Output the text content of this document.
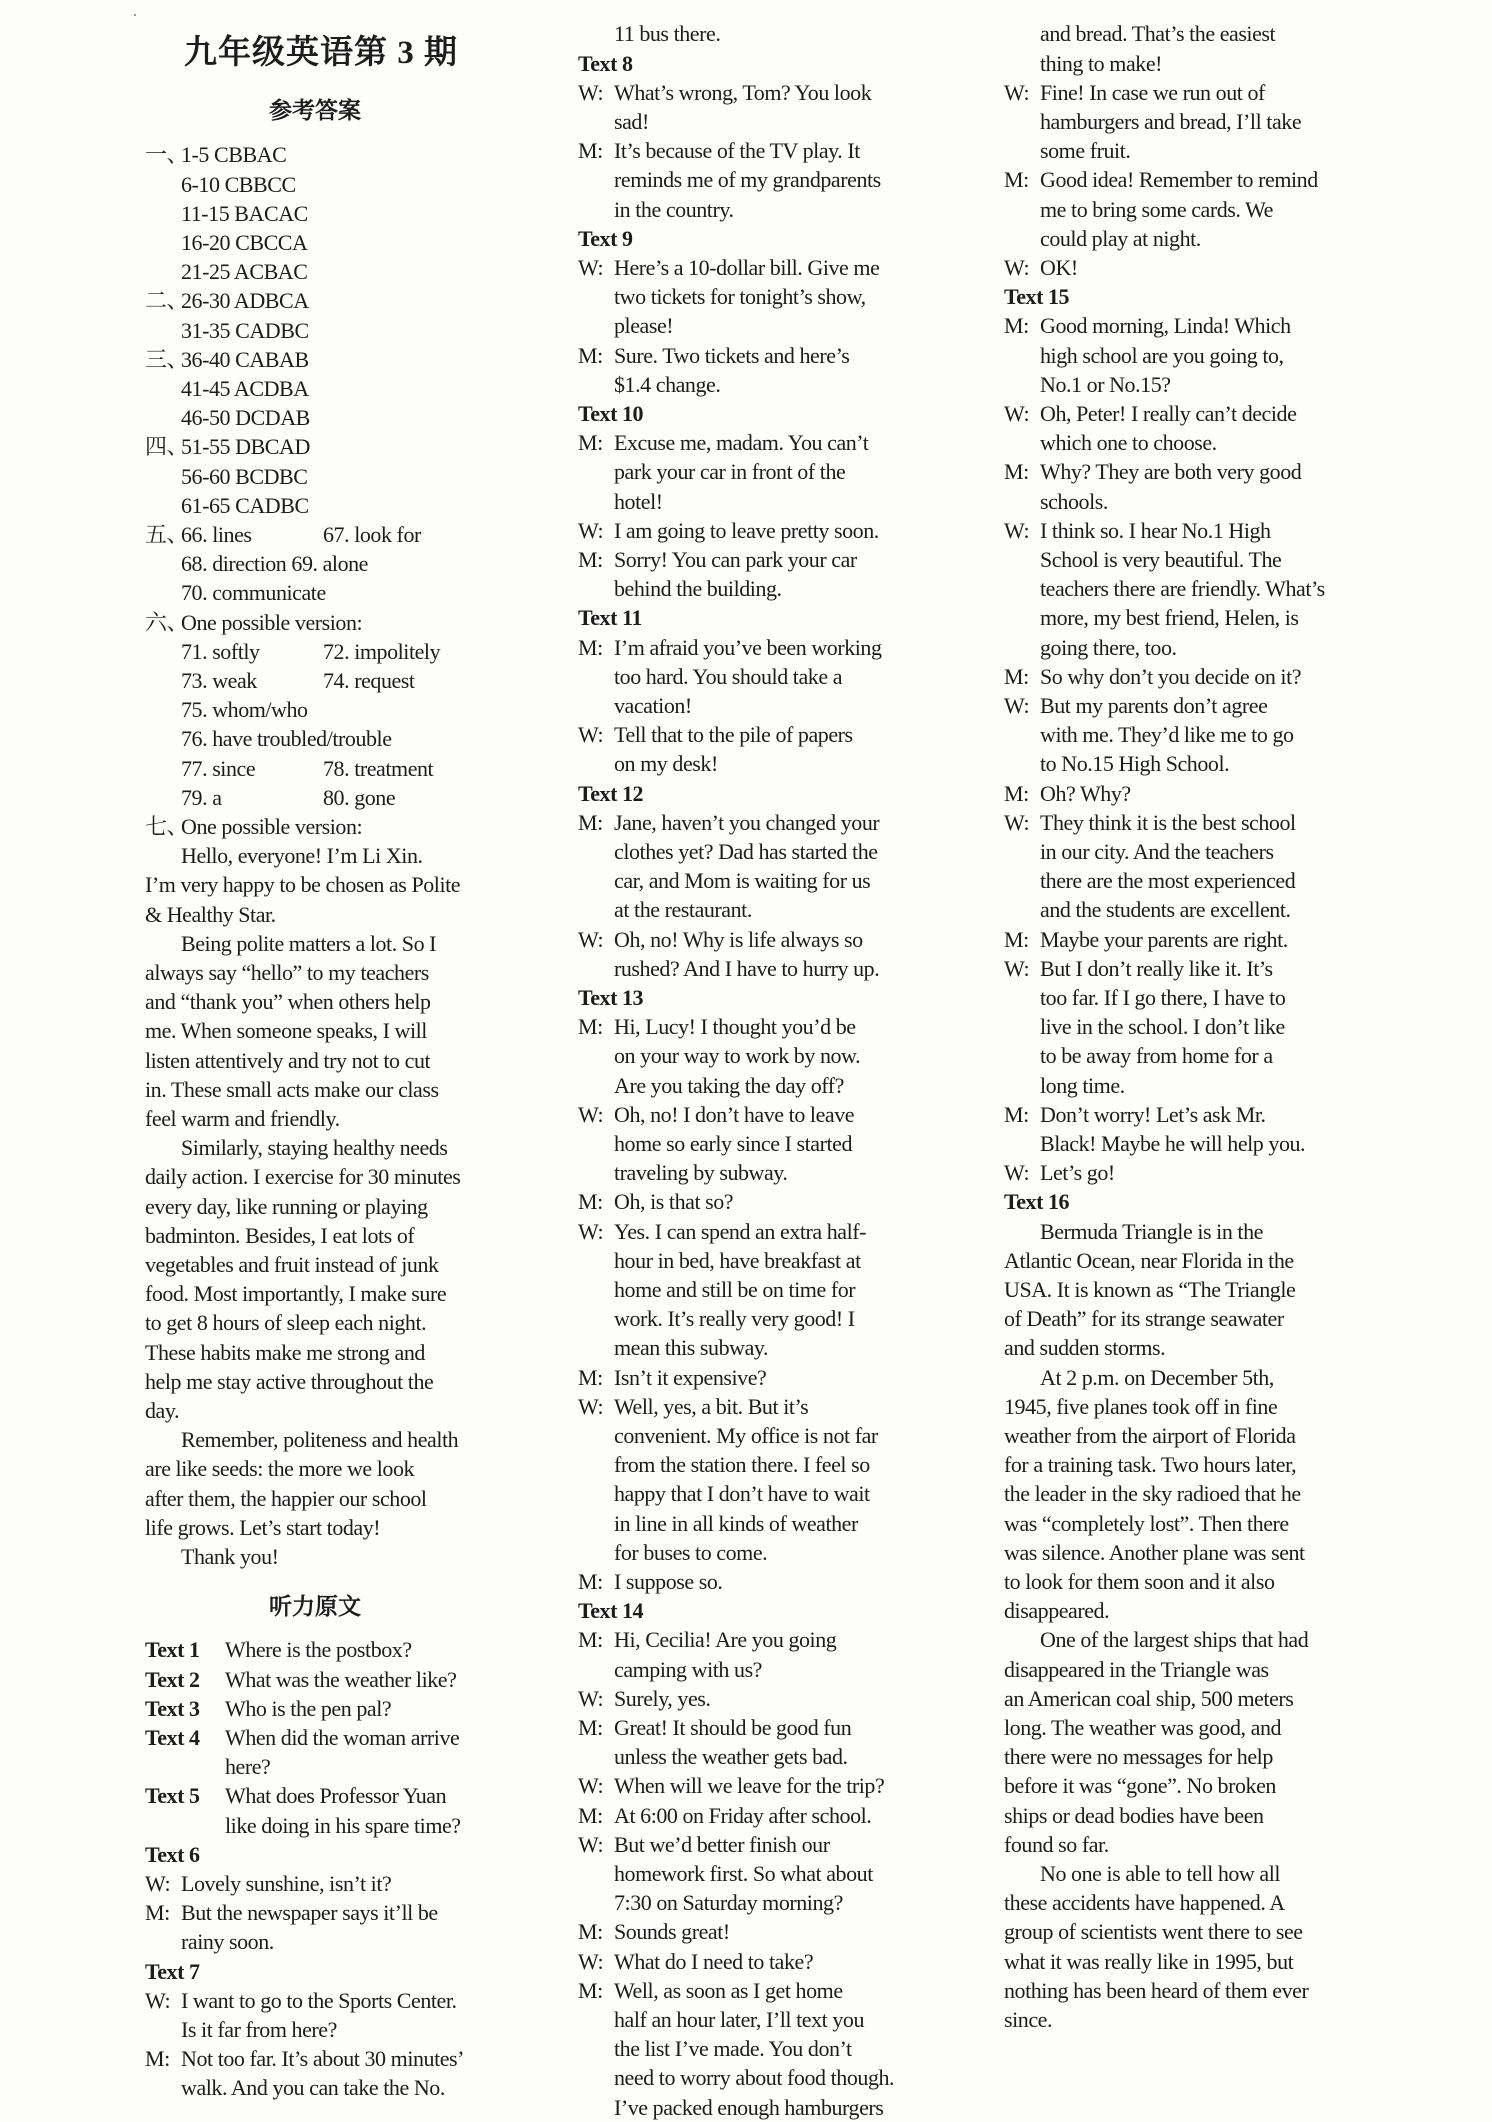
九年级英语第 3 期
参考答案
听力原文
一、1-5 CBBAC
6-10 CBBCC
11-15 BACAC
16-20 CBCCA
21-25 ACBAC
二、26-30 ADBCA
31-35 CADBC
三、36-40 CABAB
41-45 ACDBA
46-50 DCDAB
四、51-55 DBCAD
56-60 BCDBC
61-65 CADBC
五、66. lines	67. look for
68. direction 69. alone
70. communicate
六、One possible version:
71. softly	72. impolitely
73. weak	74. request
75. whom/who
76. have troubled/trouble
77. since	78. treatment
79. a	80. gone
七、One possible version:
Hello, everyone! I’m Li Xin.
I’m very happy to be chosen as Polite
& Healthy Star.
Being polite matters a lot. So I
always say “hello” to my teachers
and “thank you” when others help
me. When someone speaks, I will
listen attentively and try not to cut
in. These small acts make our class
feel warm and friendly.
Similarly, staying healthy needs
daily action. I exercise for 30 minutes
every day, like running or playing
badminton. Besides, I eat lots of
vegetables and fruit instead of junk
food. Most importantly, I make sure
to get 8 hours of sleep each night.
These habits make me strong and
help me stay active throughout the
day.
Remember, politeness and health
are like seeds: the more we look
after them, the happier our school
life grows. Let’s start today!
Thank you!
Text 1 Where is the postbox?
Text 2 What was the weather like?
Text 3 Who is the pen pal?
Text 4 When did the woman arrive
here?
Text 5 What does Professor Yuan
like doing in his spare time?
Text 6
W: Lovely sunshine, isn’t it?
M: But the newspaper says it’ll be
rainy soon.
Text 7
W: I want to go to the Sports Center.
Is it far from here?
M: Not too far. It’s about 30 minutes’
walk. And you can take the No.
11 bus there.
Text 8
W: What’s wrong, Tom? You look
sad!
M: It’s because of the TV play. It
reminds me of my grandparents
in the country.
Text 9
W: Here’s a 10-dollar bill. Give me
two tickets for tonight’s show,
please!
M: Sure. Two tickets and here’s
$1.4 change.
Text 10
M: Excuse me, madam. You can’t
park your car in front of the
hotel!
W: I am going to leave pretty soon.
M: Sorry! You can park your car
behind the building.
Text 11
M: I’m afraid you’ve been working
too hard. You should take a
vacation!
W: Tell that to the pile of papers
on my desk!
Text 12
M: Jane, haven’t you changed your
clothes yet? Dad has started the
car, and Mom is waiting for us
at the restaurant.
W: Oh, no! Why is life always so
rushed? And I have to hurry up.
Text 13
M: Hi, Lucy! I thought you’d be
on your way to work by now.
Are you taking the day off?
W: Oh, no! I don’t have to leave
home so early since I started
traveling by subway.
M: Oh, is that so?
W: Yes. I can spend an extra half-
hour in bed, have breakfast at
home and still be on time for
work. It’s really very good! I
mean this subway.
M: Isn’t it expensive?
W: Well, yes, a bit. But it’s
convenient. My office is not far
from the station there. I feel so
happy that I don’t have to wait
in line in all kinds of weather
for buses to come.
M: I suppose so.
Text 14
M: Hi, Cecilia! Are you going
camping with us?
W: Surely, yes.
M: Great! It should be good fun
unless the weather gets bad.
W: When will we leave for the trip?
M: At 6:00 on Friday after school.
W: But we’d better finish our
homework first. So what about
7:30 on Saturday morning?
M: Sounds great!
W: What do I need to take?
M: Well, as soon as I get home
half an hour later, I’ll text you
the list I’ve made. You don’t
need to worry about food though.
I’ve packed enough hamburgers
and bread. That’s the easiest
thing to make!
W: Fine! In case we run out of
hamburgers and bread, I’ll take
some fruit.
M: Good idea! Remember to remind
me to bring some cards. We
could play at night.
W: OK!
Text 15
M: Good morning, Linda! Which
high school are you going to,
No.1 or No.15?
W: Oh, Peter! I really can’t decide
which one to choose.
M: Why? They are both very good
schools.
W: I think so. I hear No.1 High
School is very beautiful. The
teachers there are friendly. What’s
more, my best friend, Helen, is
going there, too.
M: So why don’t you decide on it?
W: But my parents don’t agree
with me. They’d like me to go
to No.15 High School.
M: Oh? Why?
W: They think it is the best school
in our city. And the teachers
there are the most experienced
and the students are excellent.
M: Maybe your parents are right.
W: But I don’t really like it. It’s
too far. If I go there, I have to
live in the school. I don’t like
to be away from home for a
long time.
M: Don’t worry! Let’s ask Mr.
Black! Maybe he will help you.
W: Let’s go!
Text 16
Bermuda Triangle is in the
Atlantic Ocean, near Florida in the
USA. It is known as “The Triangle
of Death” for its strange seawater
and sudden storms.
At 2 p.m. on December 5th,
1945, five planes took off in fine
weather from the airport of Florida
for a training task. Two hours later,
the leader in the sky radioed that he
was “completely lost”. Then there
was silence. Another plane was sent
to look for them soon and it also
disappeared.
One of the largest ships that had
disappeared in the Triangle was
an American coal ship, 500 meters
long. The weather was good, and
there were no messages for help
before it was “gone”. No broken
ships or dead bodies have been
found so far.
No one is able to tell how all
these accidents have happened. A
group of scientists went there to see
what it was really like in 1995, but
nothing has been heard of them ever
since.
